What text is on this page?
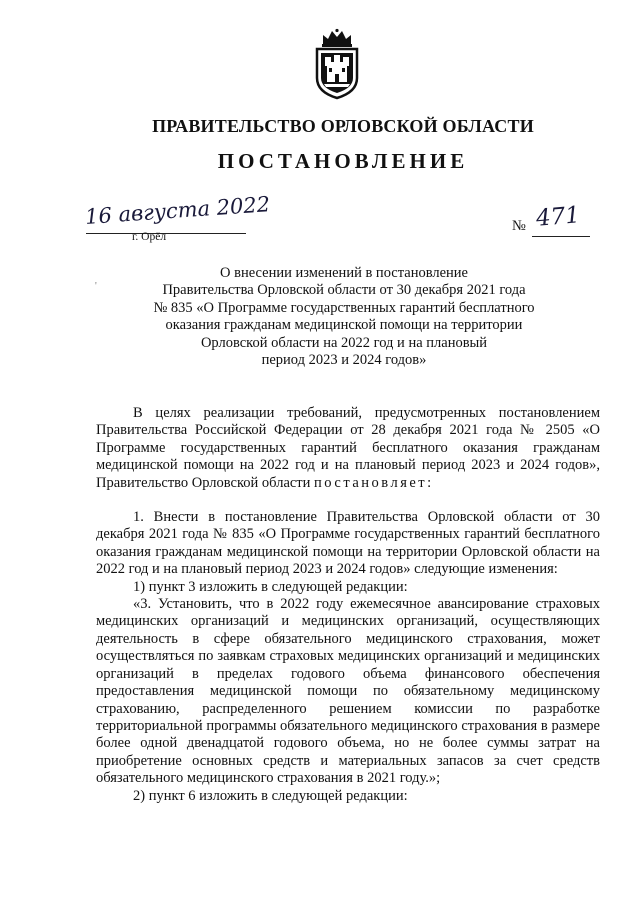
ПРАВИТЕЛЬСТВО ОРЛОВСКОЙ ОБЛАСТИ
ПОСТАНОВЛЕНИЕ
16 августа 2022
г. Орёл
№ 471
'
О внесении изменений в постановление
Правительства Орловской области от 30 декабря 2021 года
№ 835 «О Программе государственных гарантий бесплатного
оказания гражданам медицинской помощи на территории
Орловской области на 2022 год и на плановый
период 2023 и 2024 годов»
В целях реализации требований, предусмотренных постановлением Правительства Российской Федерации от 28 декабря 2021 года № 2505 «О Программе государственных гарантий бесплатного оказания гражданам медицинской помощи на 2022 год и на плановый период 2023 и 2024 годов», Правительство Орловской области постановляет:
1. Внести в постановление Правительства Орловской области от 30 декабря 2021 года № 835 «О Программе государственных гарантий бесплатного оказания гражданам медицинской помощи на территории Орловской области на 2022 год и на плановый период 2023 и 2024 годов» следующие изменения:
1) пункт 3 изложить в следующей редакции:
«3. Установить, что в 2022 году ежемесячное авансирование страховых медицинских организаций и медицинских организаций, осуществляющих деятельность в сфере обязательного медицинского страхования, может осуществляться по заявкам страховых медицинских организаций и медицинских организаций в пределах годового объема финансового обеспечения предоставления медицинской помощи по обязательному медицинскому страхованию, распределенного решением комиссии по разработке территориальной программы обязательного медицинского страхования в размере более одной двенадцатой годового объема, но не более суммы затрат на приобретение основных средств и материальных запасов за счет средств обязательного медицинского страхования в 2021 году.»;
2) пункт 6 изложить в следующей редакции:
